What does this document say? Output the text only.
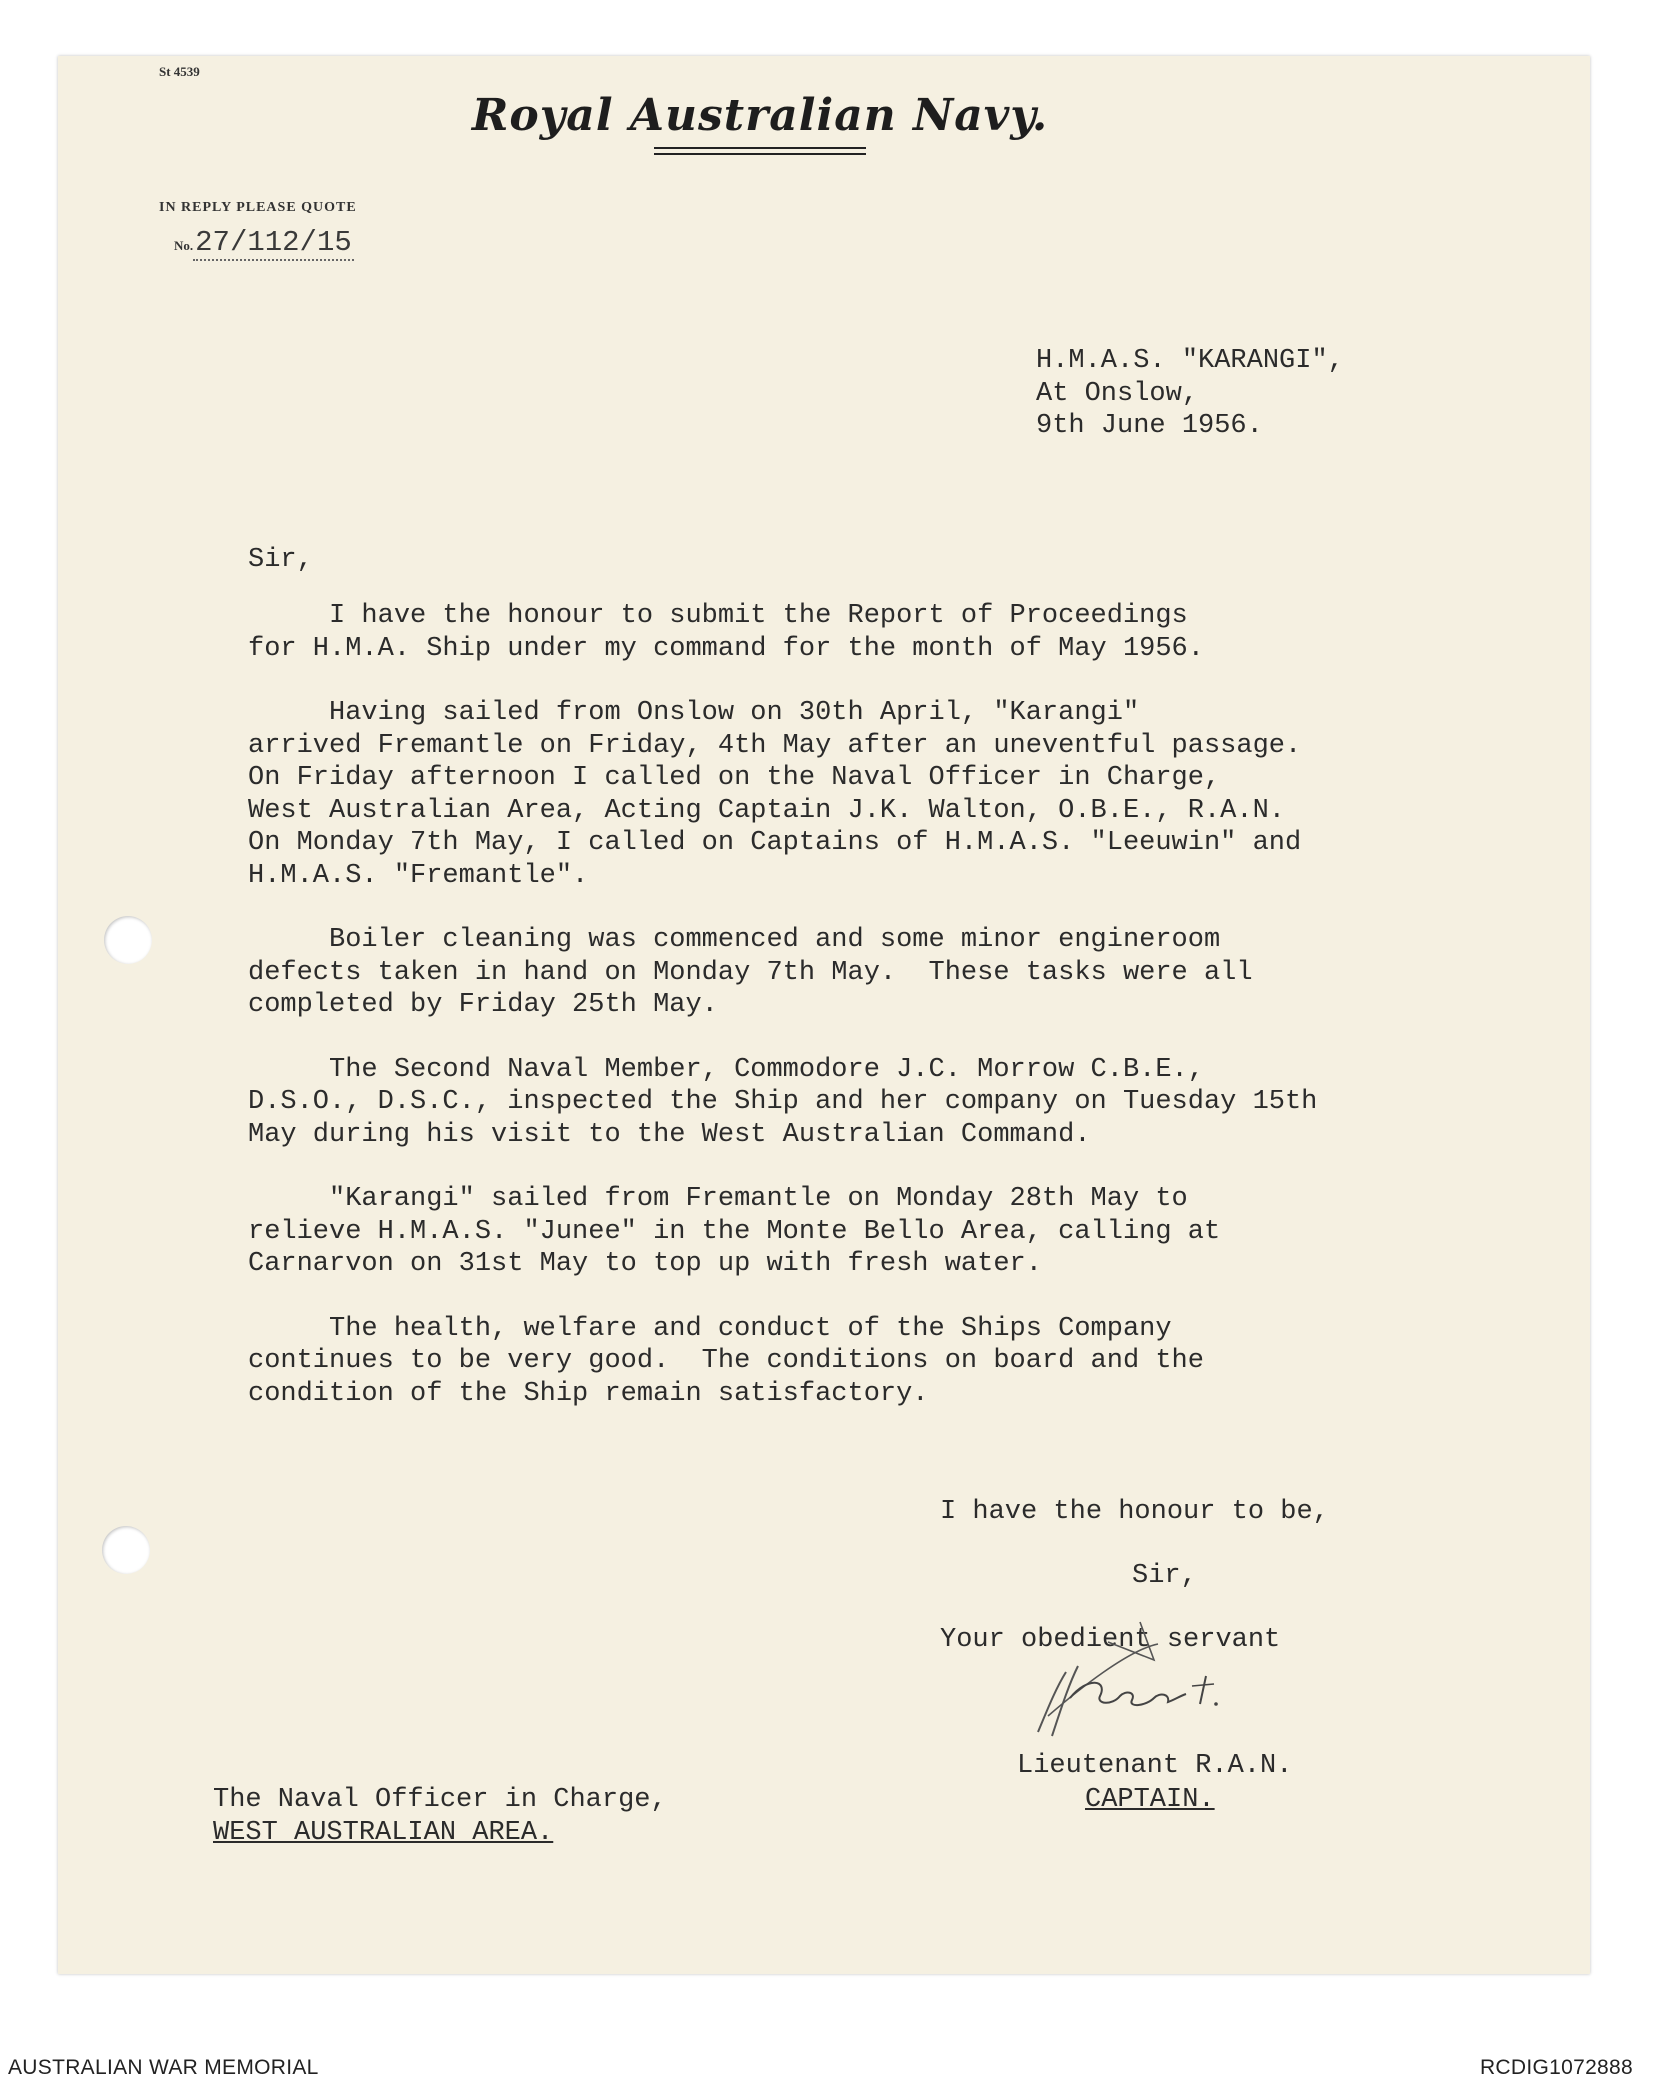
St 4539
Royal Australian Navy.
IN REPLY PLEASE QUOTE
No.27/112/15
H.M.A.S. "KARANGI",
At Onslow,
9th June 1956.
Sir,
I have the honour to submit the Report of Proceedings
for H.M.A. Ship under my command for the month of May 1956.
Having sailed from Onslow on 30th April, "Karangi"
arrived Fremantle on Friday, 4th May after an uneventful passage.
On Friday afternoon I called on the Naval Officer in Charge,
West Australian Area, Acting Captain J.K. Walton, O.B.E., R.A.N.
On Monday 7th May, I called on Captains of H.M.A.S. "Leeuwin" and
H.M.A.S. "Fremantle".
Boiler cleaning was commenced and some minor engineroom
defects taken in hand on Monday 7th May.  These tasks were all
completed by Friday 25th May.
The Second Naval Member, Commodore J.C. Morrow C.B.E.,
D.S.O., D.S.C., inspected the Ship and her company on Tuesday 15th
May during his visit to the West Australian Command.
"Karangi" sailed from Fremantle on Monday 28th May to
relieve H.M.A.S. "Junee" in the Monte Bello Area, calling at
Carnarvon on 31st May to top up with fresh water.
The health, welfare and conduct of the Ships Company
continues to be very good.  The conditions on board and the
condition of the Ship remain satisfactory.
I have the honour to be,
Sir,
Your obedient servant
Lieutenant R.A.N.
CAPTAIN.
The Naval Officer in Charge,
WEST AUSTRALIAN AREA.
AUSTRALIAN WAR MEMORIAL	RCDIG1072888
